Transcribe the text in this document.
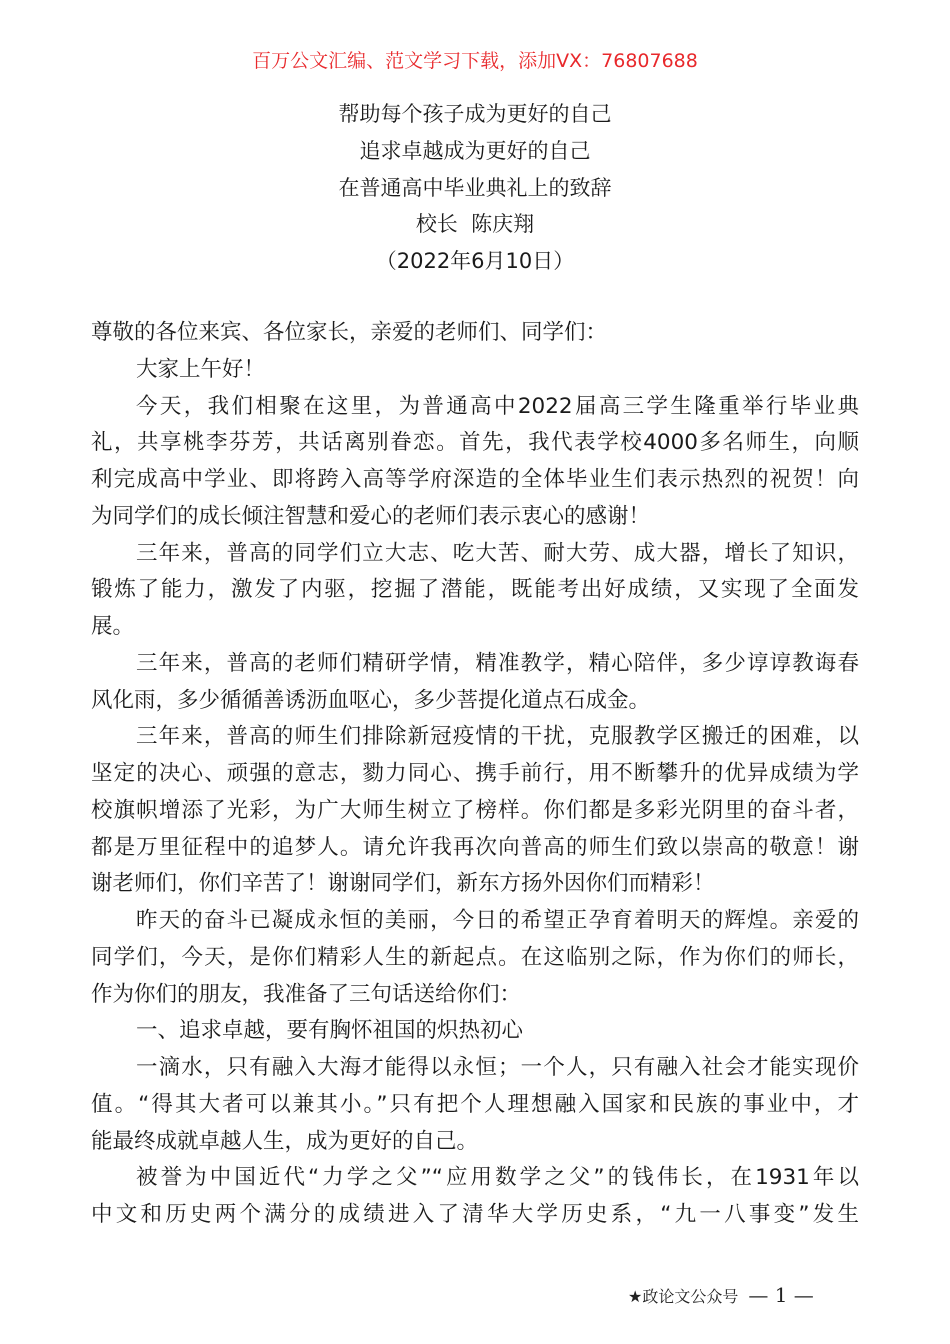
百万公文汇编、范文学习下载，添加VX：76807688
帮助每个孩子成为更好的自己
追求卓越成为更好的自己
在普通高中毕业典礼上的致辞
校长  陈庆翔
（2022年6月10日）
尊敬的各位来宾、各位家长，亲爱的老师们、同学们：
大家上午好！
今天，我们相聚在这里，为普通高中2022届高三学生隆重举行毕业典
礼，共享桃李芬芳，共话离别眷恋。首先，我代表学校4000多名师生，向顺
利完成高中学业、即将跨入高等学府深造的全体毕业生们表示热烈的祝贺！向
为同学们的成长倾注智慧和爱心的老师们表示衷心的感谢！
三年来，普高的同学们立大志、吃大苦、耐大劳、成大器，增长了知识，
锻炼了能力，激发了内驱，挖掘了潜能，既能考出好成绩，又实现了全面发
展。
三年来，普高的老师们精研学情，精准教学，精心陪伴，多少谆谆教诲春
风化雨，多少循循善诱沥血呕心，多少菩提化道点石成金。
三年来，普高的师生们排除新冠疫情的干扰，克服教学区搬迁的困难，以
坚定的决心、顽强的意志，勠力同心、携手前行，用不断攀升的优异成绩为学
校旗帜增添了光彩，为广大师生树立了榜样。你们都是多彩光阴里的奋斗者，
都是万里征程中的追梦人。请允许我再次向普高的师生们致以崇高的敬意！谢
谢老师们，你们辛苦了！谢谢同学们，新东方扬外因你们而精彩！
昨天的奋斗已凝成永恒的美丽，今日的希望正孕育着明天的辉煌。亲爱的
同学们，今天，是你们精彩人生的新起点。在这临别之际，作为你们的师长，
作为你们的朋友，我准备了三句话送给你们：
一、追求卓越，要有胸怀祖国的炽热初心
一滴水，只有融入大海才能得以永恒；一个人，只有融入社会才能实现价
值。“得其大者可以兼其小。”只有把个人理想融入国家和民族的事业中，才
能最终成就卓越人生，成为更好的自己。
被誉为中国近代“力学之父”“应用数学之父”的钱伟长，在1931年以
中文和历史两个满分的成绩进入了清华大学历史系，“九一八事变”发生
★政论文公众号 — 1 —
